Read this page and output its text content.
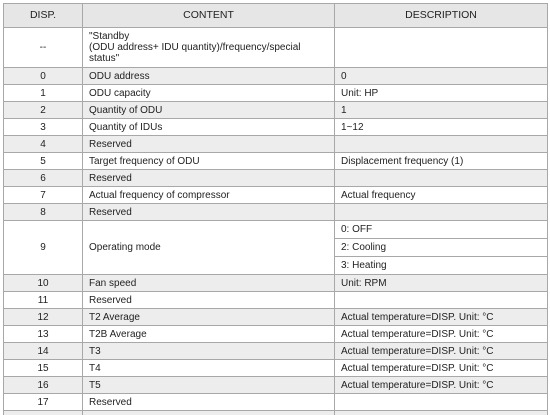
DISP.	CONTENT	DESCRIPTION
--	"Standby
(ODU address+ IDU quantity)/frequency/special status"	
0	ODU address	0
1	ODU capacity	Unit: HP
2	Quantity of ODU	1
3	Quantity of IDUs	1~12
4	Reserved	
5	Target frequency of ODU	Displacement frequency (1)
6	Reserved	
7	Actual frequency of compressor	Actual frequency
8	Reserved	
9	Operating mode	0: OFF
		2: Cooling
		3: Heating
10	Fan speed	Unit: RPM
11	Reserved	
12	T2 Average	Actual temperature=DISP. Unit: °C
13	T2B Average	Actual temperature=DISP. Unit: °C
14	T3	Actual temperature=DISP. Unit: °C
15	T4	Actual temperature=DISP. Unit: °C
16	T5	Actual temperature=DISP. Unit: °C
17	Reserved	
